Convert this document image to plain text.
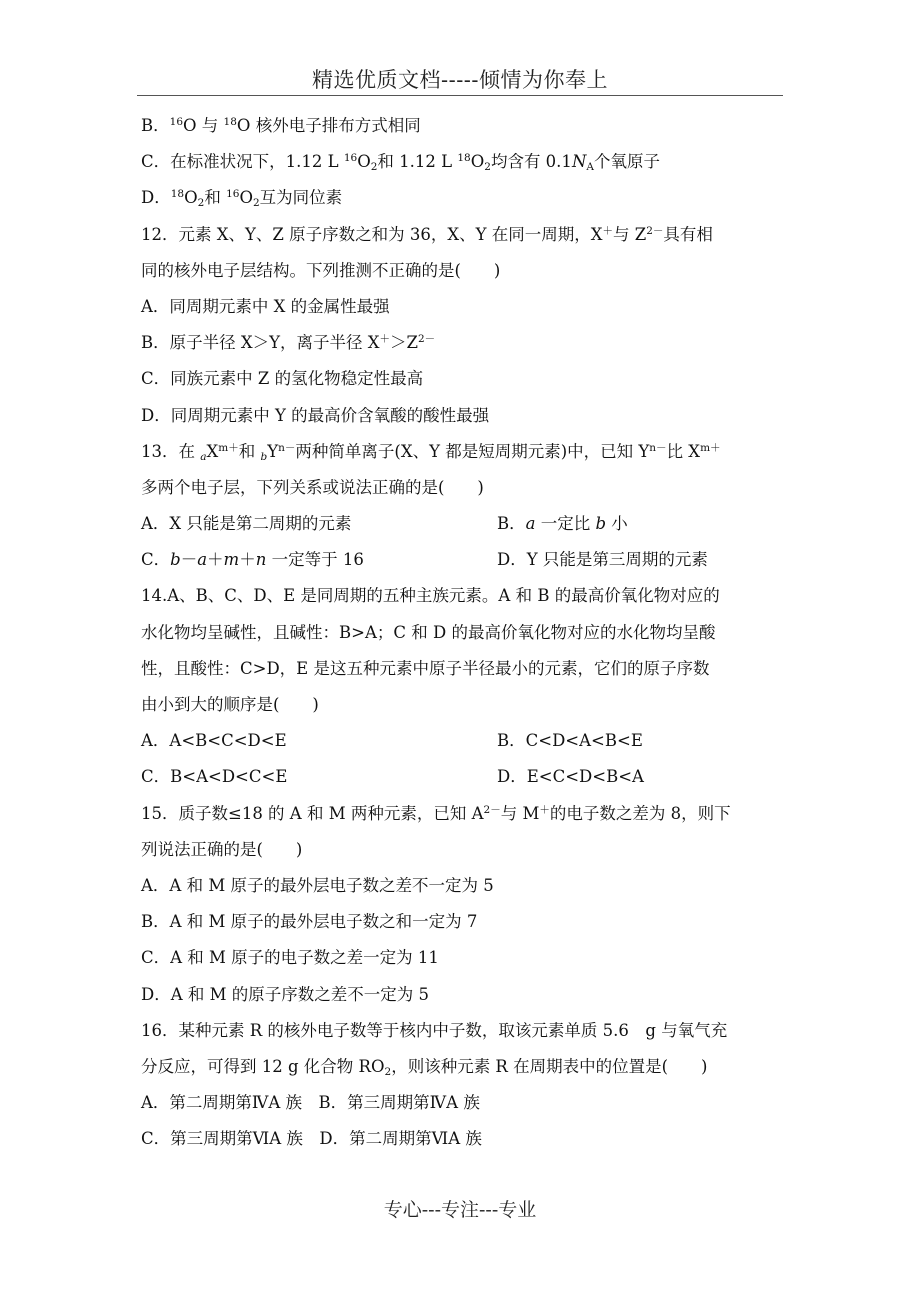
精选优质文档-----倾情为你奉上
B．$^{16}$O 与 $^{18}$O 核外电子排布方式相同
C．在标准状况下，1.12 L $^{16}O_2$和 1.12 L $^{18}O_2$均含有 $0.1N_A$个氧原子
D．$^{18}O_2$和 $^{16}O_2$互为同位素
12．元素 X、Y、Z 原子序数之和为 36，X、Y 在同一周期，X＋与 $Z^{2-}$具有相
同的核外电子层结构。下列推测不正确的是(　　)
A．同周期元素中 X 的金属性最强
B．原子半径 X＞Y，离子半径 $X^+>Z^{2-}$
C．同族元素中 Z 的氢化物稳定性最高
D．同周期元素中 Y 的最高价含氧酸的酸性最强
13．在 $_aX^{m+}$和 $_bY^{n-}$两种简单离子(X、Y 都是短周期元素)中，已知 $Y^{n-}$比 $X^{m+}$
多两个电子层，下列关系或说法正确的是(　　)
A．X 只能是第二周期的元素	B．a 一定比 b 小
C．b－a＋m＋n 一定等于 16	D．Y 只能是第三周期的元素
14.A、B、C、D、E 是同周期的五种主族元素。A 和 B 的最高价氧化物对应的
水化物均呈碱性，且碱性：B>A；C 和 D 的最高价氧化物对应的水化物均呈酸
性，且酸性：C>D，E 是这五种元素中原子半径最小的元素，它们的原子序数
由小到大的顺序是(　　)
A．A<B<C<D<E	B．C<D<A<B<E
C．B<A<D<C<E	D．E<C<D<B<A
15．质子数≤18 的 A 和 M 两种元素，已知 $A^{2-}$与 M＋的电子数之差为 8，则下
列说法正确的是(　　)
A．A 和 M 原子的最外层电子数之差不一定为 5
B．A 和 M 原子的最外层电子数之和一定为 7
C．A 和 M 原子的电子数之差一定为 11
D．A 和 M 的原子序数之差不一定为 5
16．某种元素 R 的核外电子数等于核内中子数，取该元素单质 5.6　g 与氧气充
分反应，可得到 12 g 化合物 $RO_2$，则该种元素 R 在周期表中的位置是(　　)
A．第二周期第ⅣA 族　B．第三周期第ⅣA 族
C．第三周期第ⅥA 族　D．第二周期第ⅥA 族
专心---专注---专业
